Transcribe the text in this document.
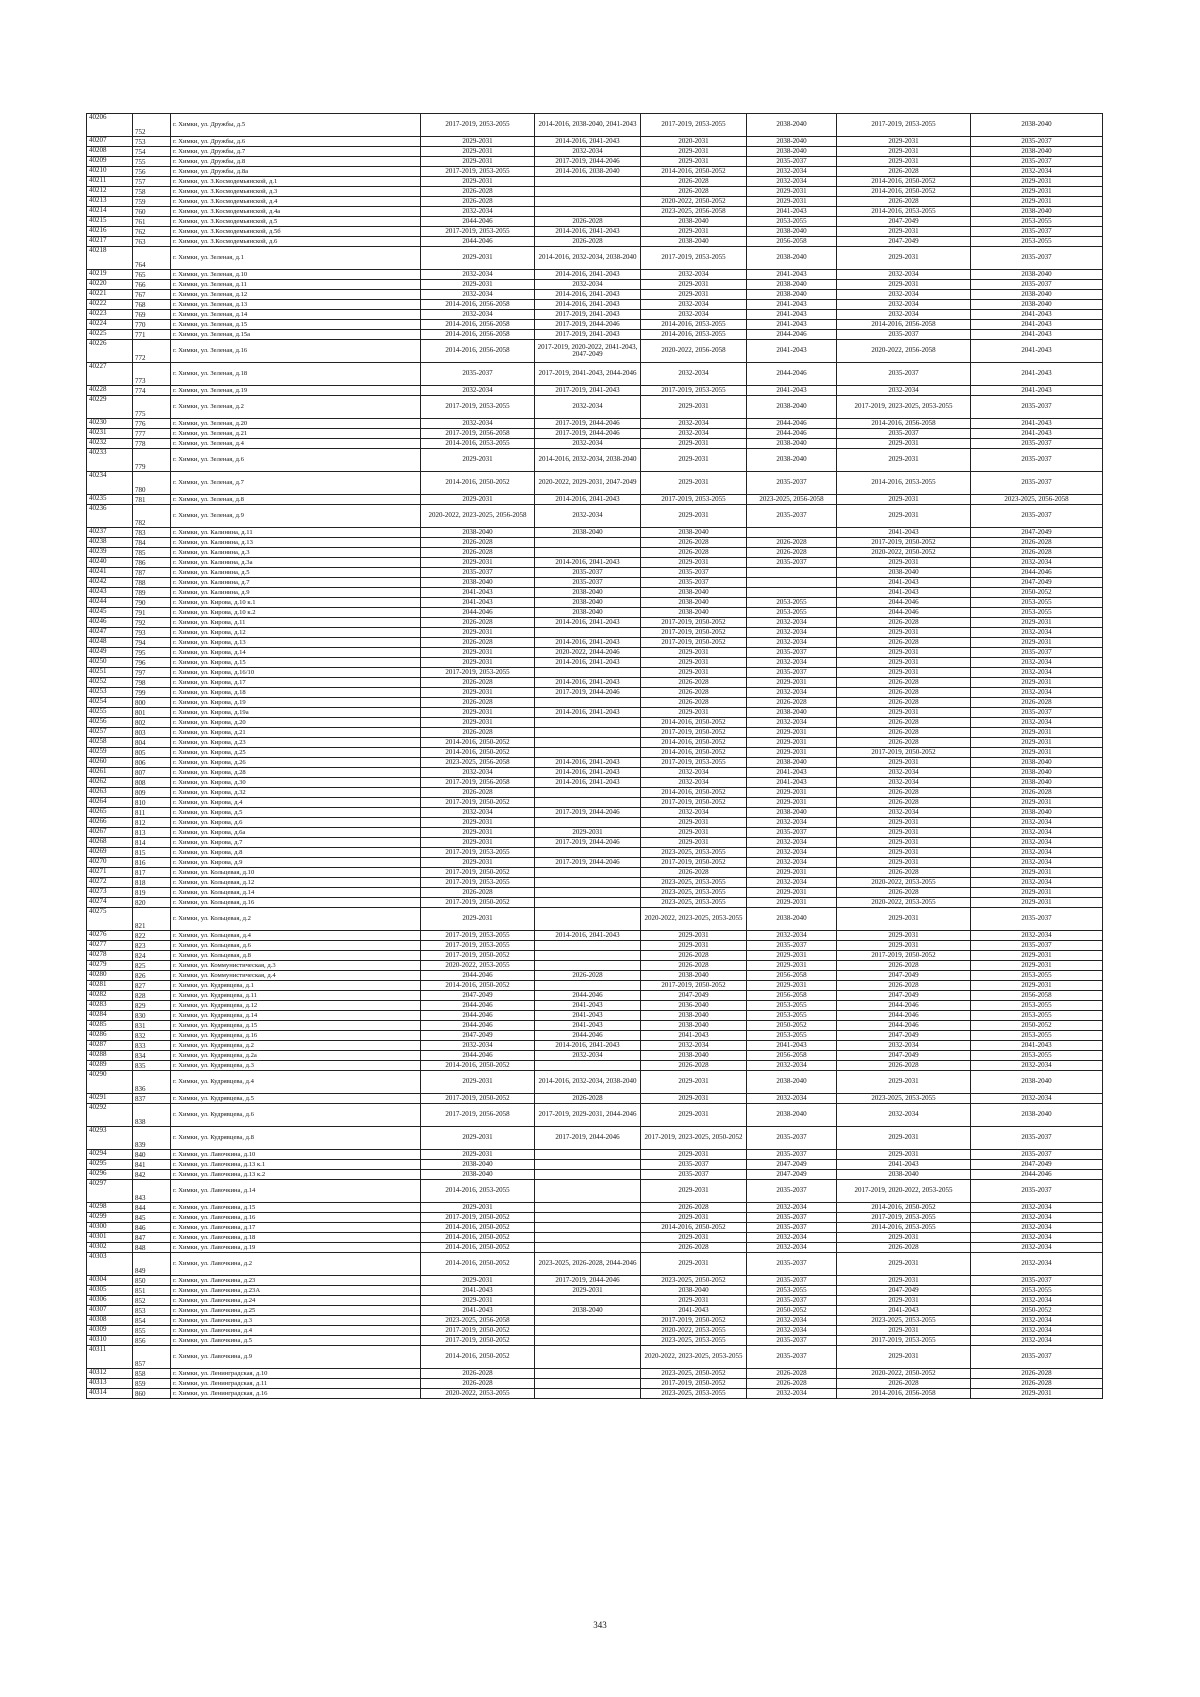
40206	752	г. Химки, ул. Дружбы, д.5	2017-2019, 2053-2055	2014-2016, 2038-2040, 2041-2043	2017-2019, 2053-2055	2038-2040	2017-2019, 2053-2055	2038-2040
40207	753	г. Химки, ул. Дружбы, д.6	2029-2031	2014-2016, 2041-2043	2020-2031	2038-2040	2029-2031	2035-2037
40208	754	г. Химки, ул. Дружбы, д.7	2029-2031	2032-2034	2029-2031	2038-2040	2029-2031	2038-2040
40209	755	г. Химки, ул. Дружбы, д.8	2029-2031	2017-2019, 2044-2046	2029-2031	2035-2037	2029-2031	2035-2037
40210	756	г. Химки, ул. Дружбы, д.8а	2017-2019, 2053-2055	2014-2016, 2038-2040	2014-2016, 2050-2052	2032-2034	2026-2028	2032-2034
40211	757	г. Химки, ул. З.Космодемьянской, д.1	2029-2031		2026-2028	2032-2034	2014-2016, 2050-2052	2029-2031
40212	758	г. Химки, ул. З.Космодемьянской, д.3	2026-2028		2026-2028	2029-2031	2014-2016, 2050-2052	2029-2031
40213	759	г. Химки, ул. З.Космодемьянской, д.4	2026-2028		2020-2022, 2050-2052	2029-2031	2026-2028	2029-2031
40214	760	г. Химки, ул. З.Космодемьянской, д.4а	2032-2034		2023-2025, 2056-2058	2041-2043	2014-2016, 2053-2055	2038-2040
40215	761	г. Химки, ул. З.Космодемьянской, д.5	2044-2046	2026-2028	2038-2040	2053-2055	2047-2049	2053-2055
40216	762	г. Химки, ул. З.Космодемьянской, д.5б	2017-2019, 2053-2055	2014-2016, 2041-2043	2029-2031	2038-2040	2029-2031	2035-2037
40217	763	г. Химки, ул. З.Космодемьянской, д.6	2044-2046	2026-2028	2038-2040	2056-2058	2047-2049	2053-2055
40218	764	г. Химки, ул. Зеленая, д.1	2029-2031	2014-2016, 2032-2034, 2038-2040	2017-2019, 2053-2055	2038-2040	2029-2031	2035-2037
40219	765	г. Химки, ул. Зеленая, д.10	2032-2034	2014-2016, 2041-2043	2032-2034	2041-2043	2032-2034	2038-2040
40220	766	г. Химки, ул. Зеленая, д.11	2029-2031	2032-2034	2029-2031	2038-2040	2029-2031	2035-2037
40221	767	г. Химки, ул. Зеленая, д.12	2032-2034	2014-2016, 2041-2043	2029-2031	2038-2040	2032-2034	2038-2040
40222	768	г. Химки, ул. Зеленая, д.13	2014-2016, 2056-2058	2014-2016, 2041-2043	2032-2034	2041-2043	2032-2034	2038-2040
40223	769	г. Химки, ул. Зеленая, д.14	2032-2034	2017-2019, 2041-2043	2032-2034	2041-2043	2032-2034	2041-2043
40224	770	г. Химки, ул. Зеленая, д.15	2014-2016, 2056-2058	2017-2019, 2044-2046	2014-2016, 2053-2055	2041-2043	2014-2016, 2056-2058	2041-2043
40225	771	г. Химки, ул. Зеленая, д.15а	2014-2016, 2056-2058	2017-2019, 2041-2043	2014-2016, 2053-2055	2044-2046	2035-2037	2041-2043
40226	772	г. Химки, ул. Зеленая, д.16	2014-2016, 2056-2058	2017-2019, 2020-2022, 2041-2043, 2047-2049	2020-2022, 2056-2058	2041-2043	2020-2022, 2056-2058	2041-2043
40227	773	г. Химки, ул. Зеленая, д.18	2035-2037	2017-2019, 2041-2043, 2044-2046	2032-2034	2044-2046	2035-2037	2041-2043
40228	774	г. Химки, ул. Зеленая, д.19	2032-2034	2017-2019, 2041-2043	2017-2019, 2053-2055	2041-2043	2032-2034	2041-2043
40229	775	г. Химки, ул. Зеленая, д.2	2017-2019, 2053-2055	2032-2034	2029-2031	2038-2040	2017-2019, 2023-2025, 2053-2055	2035-2037
40230	776	г. Химки, ул. Зеленая, д.20	2032-2034	2017-2019, 2044-2046	2032-2034	2044-2046	2014-2016, 2056-2058	2041-2043
40231	777	г. Химки, ул. Зеленая, д.21	2017-2019, 2056-2058	2017-2019, 2044-2046	2032-2034	2044-2046	2035-2037	2041-2043
40232	778	г. Химки, ул. Зеленая, д.4	2014-2016, 2053-2055	2032-2034	2029-2031	2038-2040	2029-2031	2035-2037
40233	779	г. Химки, ул. Зеленая, д.6	2029-2031	2014-2016, 2032-2034, 2038-2040	2029-2031	2038-2040	2029-2031	2035-2037
40234	780	г. Химки, ул. Зеленая, д.7	2014-2016, 2050-2052	2020-2022, 2029-2031, 2047-2049	2029-2031	2035-2037	2014-2016, 2053-2055	2035-2037
40235	781	г. Химки, ул. Зеленая, д.8	2029-2031	2014-2016, 2041-2043	2017-2019, 2053-2055	2023-2025, 2056-2058	2029-2031	2023-2025, 2056-2058
40236	782	г. Химки, ул. Зеленая, д.9	2020-2022, 2023-2025, 2056-2058	2032-2034	2029-2031	2035-2037	2029-2031	2035-2037
40237	783	г. Химки, ул. Калинина, д.11	2038-2040	2038-2040	2038-2040		2041-2043	2047-2049
40238	784	г. Химки, ул. Калинина, д.13	2026-2028		2026-2028	2026-2028	2017-2019, 2050-2052	2026-2028
40239	785	г. Химки, ул. Калинина, д.3	2026-2028		2026-2028	2026-2028	2020-2022, 2050-2052	2026-2028
40240	786	г. Химки, ул. Калинина, д.3а	2029-2031	2014-2016, 2041-2043	2029-2031	2035-2037	2029-2031	2032-2034
40241	787	г. Химки, ул. Калинина, д.5	2035-2037	2035-2037	2035-2037		2038-2040	2044-2046
40242	788	г. Химки, ул. Калинина, д.7	2038-2040	2035-2037	2035-2037		2041-2043	2047-2049
40243	789	г. Химки, ул. Калинина, д.9	2041-2043	2038-2040	2038-2040		2041-2043	2050-2052
40244	790	г. Химки, ул. Кирова, д.10 к.1	2041-2043	2038-2040	2038-2040	2053-2055	2044-2046	2053-2055
40245	791	г. Химки, ул. Кирова, д.10 к.2	2044-2046	2038-2040	2038-2040	2053-2055	2044-2046	2053-2055
40246	792	г. Химки, ул. Кирова, д.11	2026-2028	2014-2016, 2041-2043	2017-2019, 2050-2052	2032-2034	2026-2028	2029-2031
40247	793	г. Химки, ул. Кирова, д.12	2029-2031		2017-2019, 2050-2052	2032-2034	2029-2031	2032-2034
40248	794	г. Химки, ул. Кирова, д.13	2026-2028	2014-2016, 2041-2043	2017-2019, 2050-2052	2032-2034	2026-2028	2029-2031
40249	795	г. Химки, ул. Кирова, д.14	2029-2031	2020-2022, 2044-2046	2029-2031	2035-2037	2029-2031	2035-2037
40250	796	г. Химки, ул. Кирова, д.15	2029-2031	2014-2016, 2041-2043	2029-2031	2032-2034	2029-2031	2032-2034
40251	797	г. Химки, ул. Кирова, д.16/10	2017-2019, 2053-2055		2029-2031	2035-2037	2029-2031	2032-2034
40252	798	г. Химки, ул. Кирова, д.17	2026-2028	2014-2016, 2041-2043	2026-2028	2029-2031	2026-2028	2029-2031
40253	799	г. Химки, ул. Кирова, д.18	2029-2031	2017-2019, 2044-2046	2026-2028	2032-2034	2026-2028	2032-2034
40254	800	г. Химки, ул. Кирова, д.19	2026-2028		2026-2028	2026-2028	2026-2028	2026-2028
40255	801	г. Химки, ул. Кирова, д.19а	2029-2031	2014-2016, 2041-2043	2029-2031	2038-2040	2029-2031	2035-2037
40256	802	г. Химки, ул. Кирова, д.20	2029-2031		2014-2016, 2050-2052	2032-2034	2026-2028	2032-2034
40257	803	г. Химки, ул. Кирова, д.21	2026-2028		2017-2019, 2050-2052	2029-2031	2026-2028	2029-2031
40258	804	г. Химки, ул. Кирова, д.23	2014-2016, 2050-2052		2014-2016, 2050-2052	2029-2031	2026-2028	2029-2031
40259	805	г. Химки, ул. Кирова, д.25	2014-2016, 2050-2052		2014-2016, 2050-2052	2029-2031	2017-2019, 2050-2052	2029-2031
40260	806	г. Химки, ул. Кирова, д.26	2023-2025, 2056-2058	2014-2016, 2041-2043	2017-2019, 2053-2055	2038-2040	2029-2031	2038-2040
40261	807	г. Химки, ул. Кирова, д.28	2032-2034	2014-2016, 2041-2043	2032-2034	2041-2043	2032-2034	2038-2040
40262	808	г. Химки, ул. Кирова, д.30	2017-2019, 2056-2058	2014-2016, 2041-2043	2032-2034	2041-2043	2032-2034	2038-2040
40263	809	г. Химки, ул. Кирова, д.32	2026-2028		2014-2016, 2050-2052	2029-2031	2026-2028	2026-2028
40264	810	г. Химки, ул. Кирова, д.4	2017-2019, 2050-2052		2017-2019, 2050-2052	2029-2031	2026-2028	2029-2031
40265	811	г. Химки, ул. Кирова, д.5	2032-2034	2017-2019, 2044-2046	2032-2034	2038-2040	2032-2034	2038-2040
40266	812	г. Химки, ул. Кирова, д.6	2029-2031		2029-2031	2032-2034	2029-2031	2032-2034
40267	813	г. Химки, ул. Кирова, д.6а	2029-2031	2029-2031	2029-2031	2035-2037	2029-2031	2032-2034
40268	814	г. Химки, ул. Кирова, д.7	2029-2031	2017-2019, 2044-2046	2029-2031	2032-2034	2029-2031	2032-2034
40269	815	г. Химки, ул. Кирова, д.8	2017-2019, 2053-2055		2023-2025, 2053-2055	2032-2034	2029-2031	2032-2034
40270	816	г. Химки, ул. Кирова, д.9	2029-2031	2017-2019, 2044-2046	2017-2019, 2050-2052	2032-2034	2029-2031	2032-2034
40271	817	г. Химки, ул. Кольцевая, д.10	2017-2019, 2050-2052		2026-2028	2029-2031	2026-2028	2029-2031
40272	818	г. Химки, ул. Кольцевая, д.12	2017-2019, 2053-2055		2023-2025, 2053-2055	2032-2034	2020-2022, 2053-2055	2032-2034
40273	819	г. Химки, ул. Кольцевая, д.14	2026-2028		2023-2025, 2053-2055	2029-2031	2026-2028	2029-2031
40274	820	г. Химки, ул. Кольцевая, д.16	2017-2019, 2050-2052		2023-2025, 2053-2055	2029-2031	2020-2022, 2053-2055	2029-2031
40275	821	г. Химки, ул. Кольцевая, д.2	2029-2031		2020-2022, 2023-2025, 2053-2055	2038-2040	2029-2031	2035-2037
40276	822	г. Химки, ул. Кольцевая, д.4	2017-2019, 2053-2055	2014-2016, 2041-2043	2029-2031	2032-2034	2029-2031	2032-2034
40277	823	г. Химки, ул. Кольцевая, д.6	2017-2019, 2053-2055		2029-2031	2035-2037	2029-2031	2035-2037
40278	824	г. Химки, ул. Кольцевая, д.8	2017-2019, 2050-2052		2026-2028	2029-2031	2017-2019, 2050-2052	2029-2031
40279	825	г. Химки, ул. Коммунистическая, д.3	2020-2022, 2053-2055		2026-2028	2029-2031	2026-2028	2029-2031
40280	826	г. Химки, ул. Коммунистическая, д.4	2044-2046	2026-2028	2038-2040	2056-2058	2047-2049	2053-2055
40281	827	г. Химки, ул. Кудрявцева, д.1	2014-2016, 2050-2052		2017-2019, 2050-2052	2029-2031	2026-2028	2029-2031
40282	828	г. Химки, ул. Кудрявцева, д.11	2047-2049	2044-2046	2047-2049	2056-2058	2047-2049	2056-2058
40283	829	г. Химки, ул. Кудрявцева, д.12	2044-2046	2041-2043	2036-2040	2053-2055	2044-2046	2053-2055
40284	830	г. Химки, ул. Кудрявцева, д.14	2044-2046	2041-2043	2038-2040	2053-2055	2044-2046	2053-2055
40285	831	г. Химки, ул. Кудрявцева, д.15	2044-2046	2041-2043	2038-2040	2050-2052	2044-2046	2050-2052
40286	832	г. Химки, ул. Кудрявцева, д.16	2047-2049	2044-2046	2041-2043	2053-2055	2047-2049	2053-2055
40287	833	г. Химки, ул. Кудрявцева, д.2	2032-2034	2014-2016, 2041-2043	2032-2034	2041-2043	2032-2034	2041-2043
40288	834	г. Химки, ул. Кудрявцева, д.2а	2044-2046	2032-2034	2038-2040	2056-2058	2047-2049	2053-2055
40289	835	г. Химки, ул. Кудрявцева, д.3	2014-2016, 2050-2052		2026-2028	2032-2034	2026-2028	2032-2034
40290	836	г. Химки, ул. Кудрявцева, д.4	2029-2031	2014-2016, 2032-2034, 2038-2040	2029-2031	2038-2040	2029-2031	2038-2040
40291	837	г. Химки, ул. Кудрявцева, д.5	2017-2019, 2050-2052	2026-2028	2029-2031	2032-2034	2023-2025, 2053-2055	2032-2034
40292	838	г. Химки, ул. Кудрявцева, д.6	2017-2019, 2056-2058	2017-2019, 2029-2031, 2044-2046	2029-2031	2038-2040	2032-2034	2038-2040
40293	839	г. Химки, ул. Кудрявцева, д.8	2029-2031	2017-2019, 2044-2046	2017-2019, 2023-2025, 2050-2052	2035-2037	2029-2031	2035-2037
40294	840	г. Химки, ул. Лавочкина, д.10	2029-2031		2029-2031	2035-2037	2029-2031	2035-2037
40295	841	г. Химки, ул. Лавочкина, д.13 к.1	2038-2040		2035-2037	2047-2049	2041-2043	2047-2049
40296	842	г. Химки, ул. Лавочкина, д.13 к.2	2038-2040		2035-2037	2047-2049	2038-2040	2044-2046
40297	843	г. Химки, ул. Лавочкина, д.14	2014-2016, 2053-2055		2029-2031	2035-2037	2017-2019, 2020-2022, 2053-2055	2035-2037
40298	844	г. Химки, ул. Лавочкина, д.15	2029-2031		2026-2028	2032-2034	2014-2016, 2050-2052	2032-2034
40299	845	г. Химки, ул. Лавочкина, д.16	2017-2019, 2050-2052		2029-2031	2035-2037	2017-2019, 2053-2055	2032-2034
40300	846	г. Химки, ул. Лавочкина, д.17	2014-2016, 2050-2052		2014-2016, 2050-2052	2035-2037	2014-2016, 2053-2055	2032-2034
40301	847	г. Химки, ул. Лавочкина, д.18	2014-2016, 2050-2052		2029-2031	2032-2034	2029-2031	2032-2034
40302	848	г. Химки, ул. Лавочкина, д.19	2014-2016, 2050-2052		2026-2028	2032-2034	2026-2028	2032-2034
40303	849	г. Химки, ул. Лавочкина, д.2	2014-2016, 2050-2052	2023-2025, 2026-2028, 2044-2046	2029-2031	2035-2037	2029-2031	2032-2034
40304	850	г. Химки, ул. Лавочкина, д.23	2029-2031	2017-2019, 2044-2046	2023-2025, 2050-2052	2035-2037	2029-2031	2035-2037
40305	851	г. Химки, ул. Лавочкина, д.23А	2041-2043	2029-2031	2038-2040	2053-2055	2047-2049	2053-2055
40306	852	г. Химки, ул. Лавочкина, д.24	2029-2031		2029-2031	2035-2037	2029-2031	2032-2034
40307	853	г. Химки, ул. Лавочкина, д.25	2041-2043	2038-2040	2041-2043	2050-2052	2041-2043	2050-2052
40308	854	г. Химки, ул. Лавочкина, д.3	2023-2025, 2056-2058		2017-2019, 2050-2052	2032-2034	2023-2025, 2053-2055	2032-2034
40309	855	г. Химки, ул. Лавочкина, д.4	2017-2019, 2050-2052		2020-2022, 2053-2055	2032-2034	2029-2031	2032-2034
40310	856	г. Химки, ул. Лавочкина, д.5	2017-2019, 2050-2052		2023-2025, 2053-2055	2035-2037	2017-2019, 2053-2055	2032-2034
40311	857	г. Химки, ул. Лавочкина, д.9	2014-2016, 2050-2052		2020-2022, 2023-2025, 2053-2055	2035-2037	2029-2031	2035-2037
40312	858	г. Химки, ул. Ленинградская, д.10	2026-2028		2023-2025, 2050-2052	2026-2028	2020-2022, 2050-2052	2026-2028
40313	859	г. Химки, ул. Ленинградская, д.11	2026-2028		2017-2019, 2050-2052	2026-2028	2026-2028	2026-2028
40314	860	г. Химки, ул. Ленинградская, д.16	2020-2022, 2053-2055		2023-2025, 2053-2055	2032-2034	2014-2016, 2056-2058	2029-2031
343
